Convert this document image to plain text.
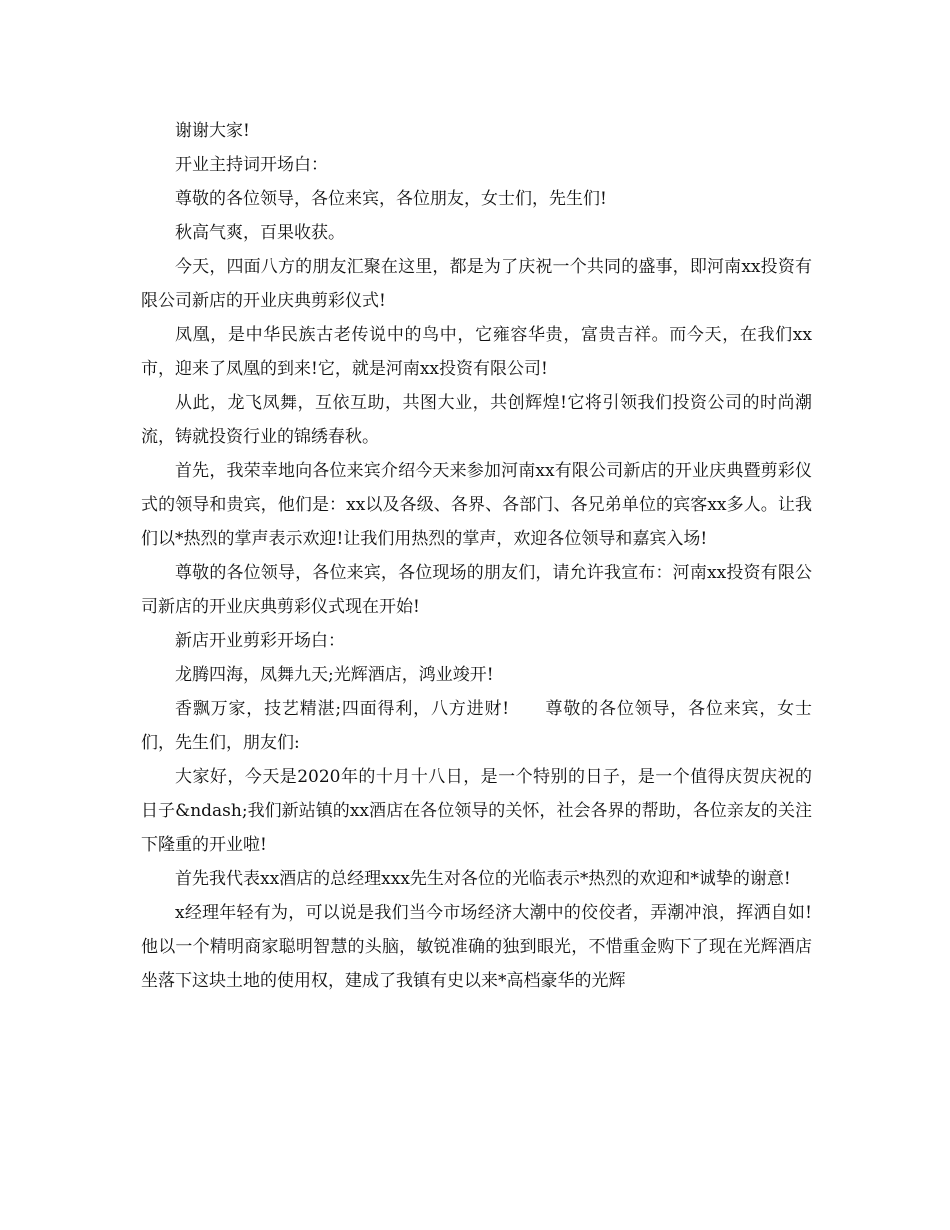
谢谢大家!

开业主持词开场白：

尊敬的各位领导，各位来宾，各位朋友，女士们，先生们!

秋高气爽，百果收获。

今天，四面八方的朋友汇聚在这里，都是为了庆祝一个共同的盛事，即河南xx投资有限公司新店的开业庆典剪彩仪式!

凤凰，是中华民族古老传说中的鸟中，它雍容华贵，富贵吉祥。而今天，在我们xx市，迎来了凤凰的到来!它，就是河南xx投资有限公司!

从此，龙飞凤舞，互依互助，共图大业，共创辉煌!它将引领我们投资公司的时尚潮流，铸就投资行业的锦绣春秋。

首先，我荣幸地向各位来宾介绍今天来参加河南xx有限公司新店的开业庆典暨剪彩仪式的领导和贵宾，他们是：xx以及各级、各界、各部门、各兄弟单位的宾客xx多人。让我们以*热烈的掌声表示欢迎!让我们用热烈的掌声，欢迎各位领导和嘉宾入场!

尊敬的各位领导，各位来宾，各位现场的朋友们，请允许我宣布：河南xx投资有限公司新店的开业庆典剪彩仪式现在开始!

新店开业剪彩开场白：

龙腾四海，凤舞九天;光辉酒店，鸿业竣开!

香飘万家，技艺精湛;四面得利，八方进财!　　尊敬的各位领导，各位来宾，女士们，先生们，朋友们:

大家好，今天是2020年的十月十八日，是一个特别的日子，是一个值得庆贺庆祝的日子&ndash;我们新站镇的xx酒店在各位领导的关怀，社会各界的帮助，各位亲友的关注下隆重的开业啦!

首先我代表xx酒店的总经理xxx先生对各位的光临表示*热烈的欢迎和*诚挚的谢意!

x经理年轻有为，可以说是我们当今市场经济大潮中的佼佼者，弄潮冲浪，挥洒自如!他以一个精明商家聪明智慧的头脑，敏锐准确的独到眼光，不惜重金购下了现在光辉酒店坐落下这块土地的使用权，建成了我镇有史以来*高档豪华的光辉
